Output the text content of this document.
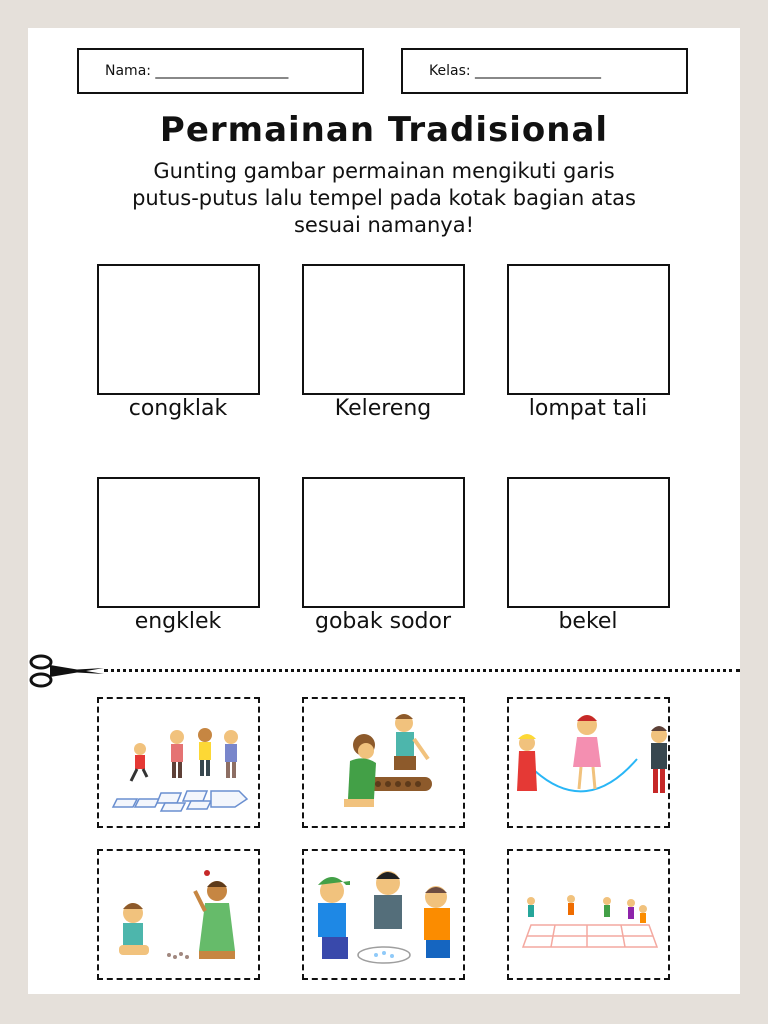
Nama: ___________________	Kelas: __________________
Permainan Tradisional
Gunting gambar permainan mengikuti garis
putus-putus lalu tempel pada kotak bagian atas
sesuai namanya!
congklak	Kelereng	lompat tali
engklek	gobak sodor	bekel
